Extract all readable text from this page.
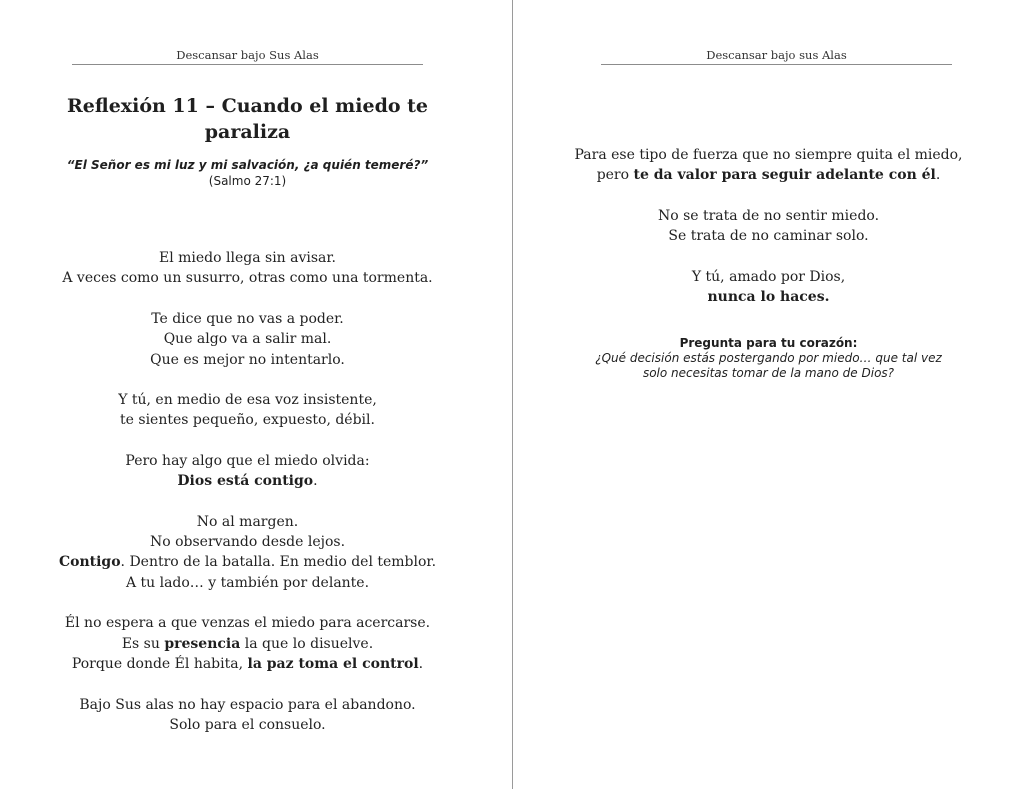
Descansar bajo Sus Alas
Reflexión 11 – Cuando el miedo te paraliza
“El Señor es mi luz y mi salvación, ¿a quién temeré?”
(Salmo 27:1)
El miedo llega sin avisar.
A veces como un susurro, otras como una tormenta.
Te dice que no vas a poder.
Que algo va a salir mal.
Que es mejor no intentarlo.
Y tú, en medio de esa voz insistente,
te sientes pequeño, expuesto, débil.
Pero hay algo que el miedo olvida:
Dios está contigo.
No al margen.
No observando desde lejos.
Contigo. Dentro de la batalla. En medio del temblor.
A tu lado… y también por delante.
Él no espera a que venzas el miedo para acercarse.
Es su presencia la que lo disuelve.
Porque donde Él habita, la paz toma el control.
Bajo Sus alas no hay espacio para el abandono.
Solo para el consuelo.
Descansar bajo sus Alas
Para ese tipo de fuerza que no siempre quita el miedo,
pero te da valor para seguir adelante con él.
No se trata de no sentir miedo.
Se trata de no caminar solo.
Y tú, amado por Dios,
nunca lo haces.
Pregunta para tu corazón:
¿Qué decisión estás postergando por miedo… que tal vez
solo necesitas tomar de la mano de Dios?
